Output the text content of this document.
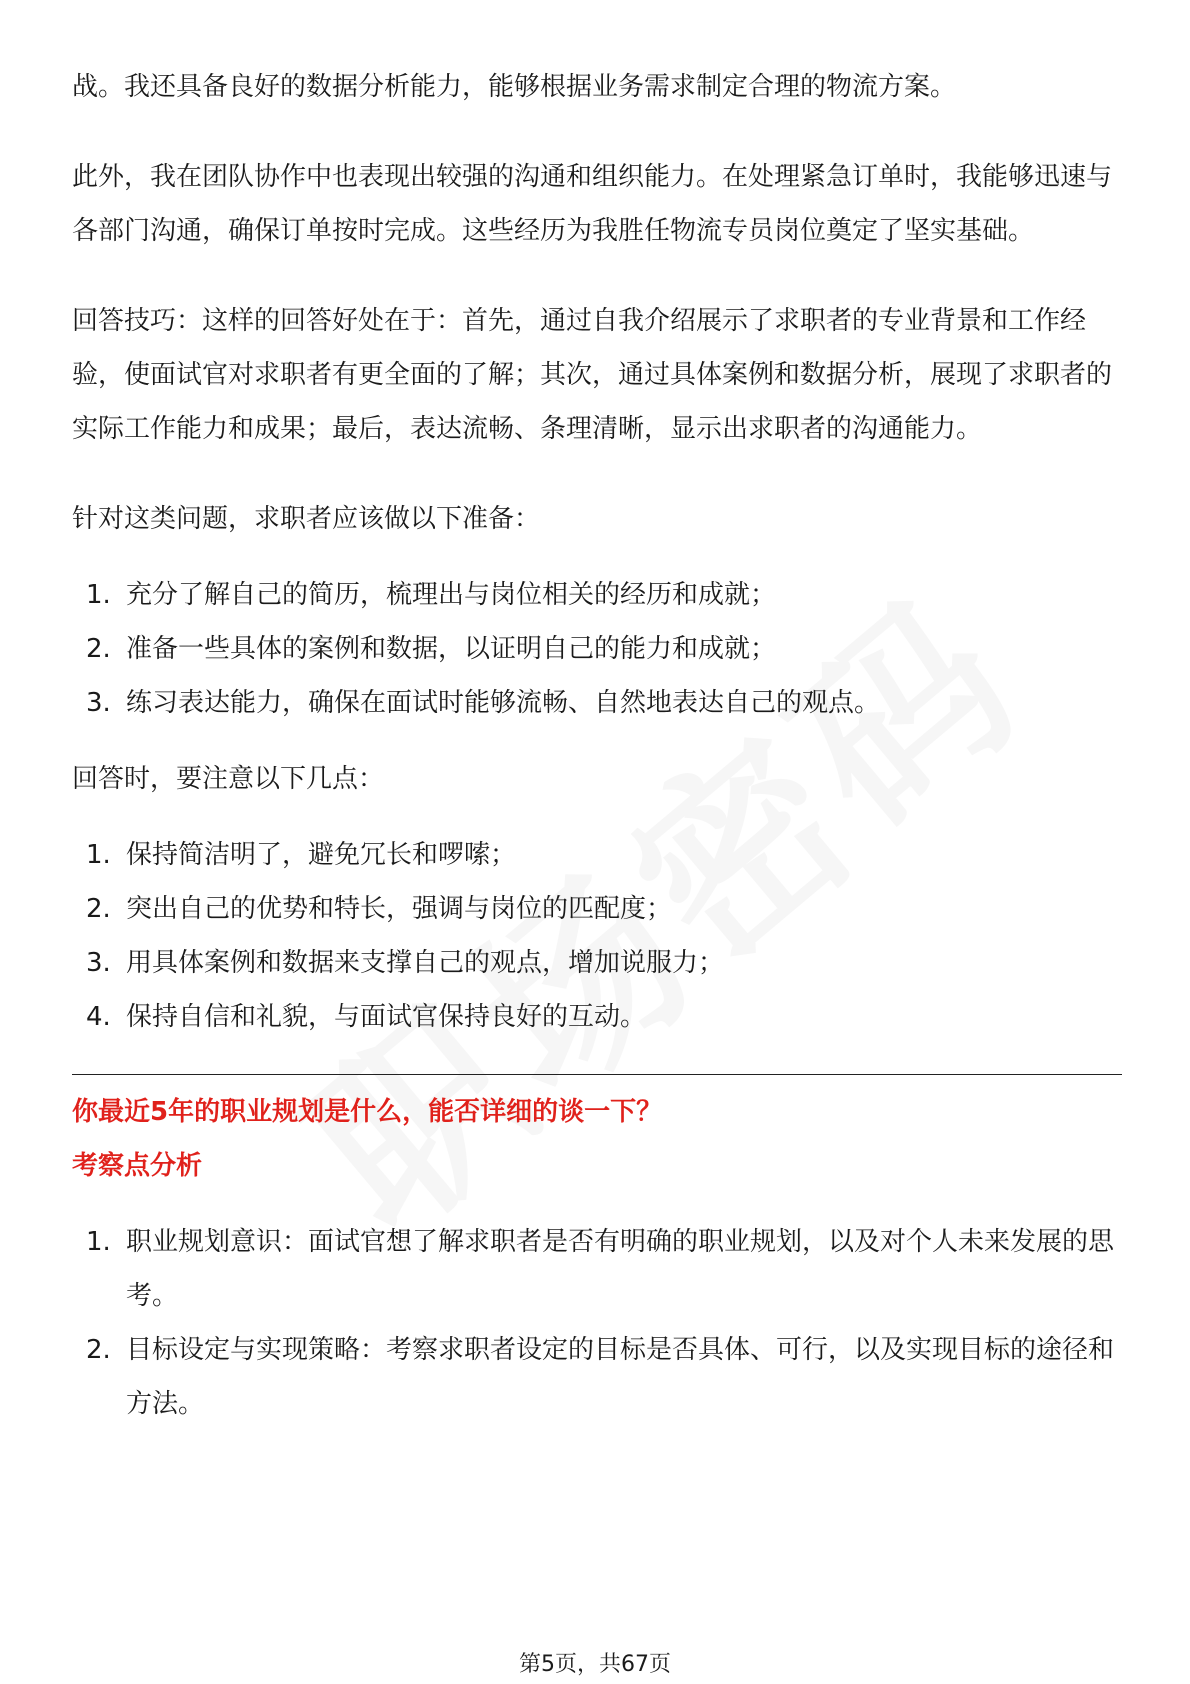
战。我还具备良好的数据分析能力，能够根据业务需求制定合理的物流方案。

此外，我在团队协作中也表现出较强的沟通和组织能力。在处理紧急订单时，我能够迅速与各部门沟通，确保订单按时完成。这些经历为我胜任物流专员岗位奠定了坚实基础。

回答技巧：这样的回答好处在于：首先，通过自我介绍展示了求职者的专业背景和工作经验，使面试官对求职者有更全面的了解；其次，通过具体案例和数据分析，展现了求职者的实际工作能力和成果；最后，表达流畅、条理清晰，显示出求职者的沟通能力。

针对这类问题，求职者应该做以下准备：

1. 充分了解自己的简历，梳理出与岗位相关的经历和成就；
2. 准备一些具体的案例和数据，以证明自己的能力和成就；
3. 练习表达能力，确保在面试时能够流畅、自然地表达自己的观点。

回答时，要注意以下几点：

1. 保持简洁明了，避免冗长和啰嗦；
2. 突出自己的优势和特长，强调与岗位的匹配度；
3. 用具体案例和数据来支撑自己的观点，增加说服力；
4. 保持自信和礼貌，与面试官保持良好的互动。

你最近5年的职业规划是什么，能否详细的谈一下？

考察点分析

1. 职业规划意识：面试官想了解求职者是否有明确的职业规划，以及对个人未来发展的思考。
2. 目标设定与实现策略：考察求职者设定的目标是否具体、可行，以及实现目标的途径和方法。
第5页，共67页
